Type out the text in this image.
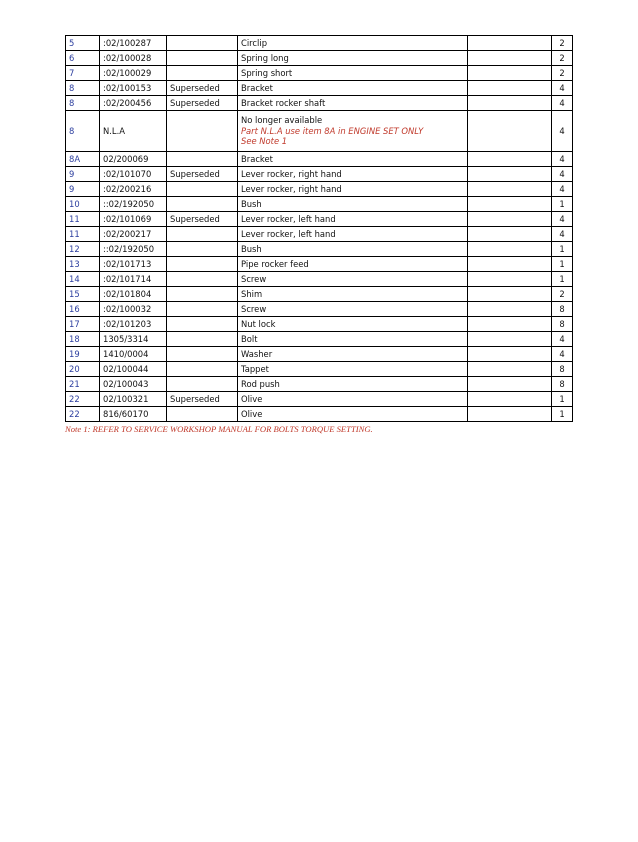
5	:02/100287		Circlip		2
6	:02/100028		Spring long		2
7	:02/100029		Spring short		2
8	:02/100153	Superseded	Bracket		4
8	:02/200456	Superseded	Bracket rocker shaft		4
8	N.L.A		No longer available
Part N.L.A use item 8A in ENGINE SET ONLY
See Note 1		4
8A	02/200069		Bracket		4
9	:02/101070	Superseded	Lever rocker, right hand		4
9	:02/200216		Lever rocker, right hand		4
10	::02/192050		Bush		1
11	:02/101069	Superseded	Lever rocker, left hand		4
11	:02/200217		Lever rocker, left hand		4
12	::02/192050		Bush		1
13	:02/101713		Pipe rocker feed		1
14	:02/101714		Screw		1
15	:02/101804		Shim		2
16	:02/100032		Screw		8
17	:02/101203		Nut lock		8
18	1305/3314		Bolt		4
19	1410/0004		Washer		4
20	02/100044		Tappet		8
21	02/100043		Rod push		8
22	02/100321	Superseded	Olive		1
22	816/60170		Olive		1

Note 1: REFER TO SERVICE WORKSHOP MANUAL FOR BOLTS TORQUE SETTING.
